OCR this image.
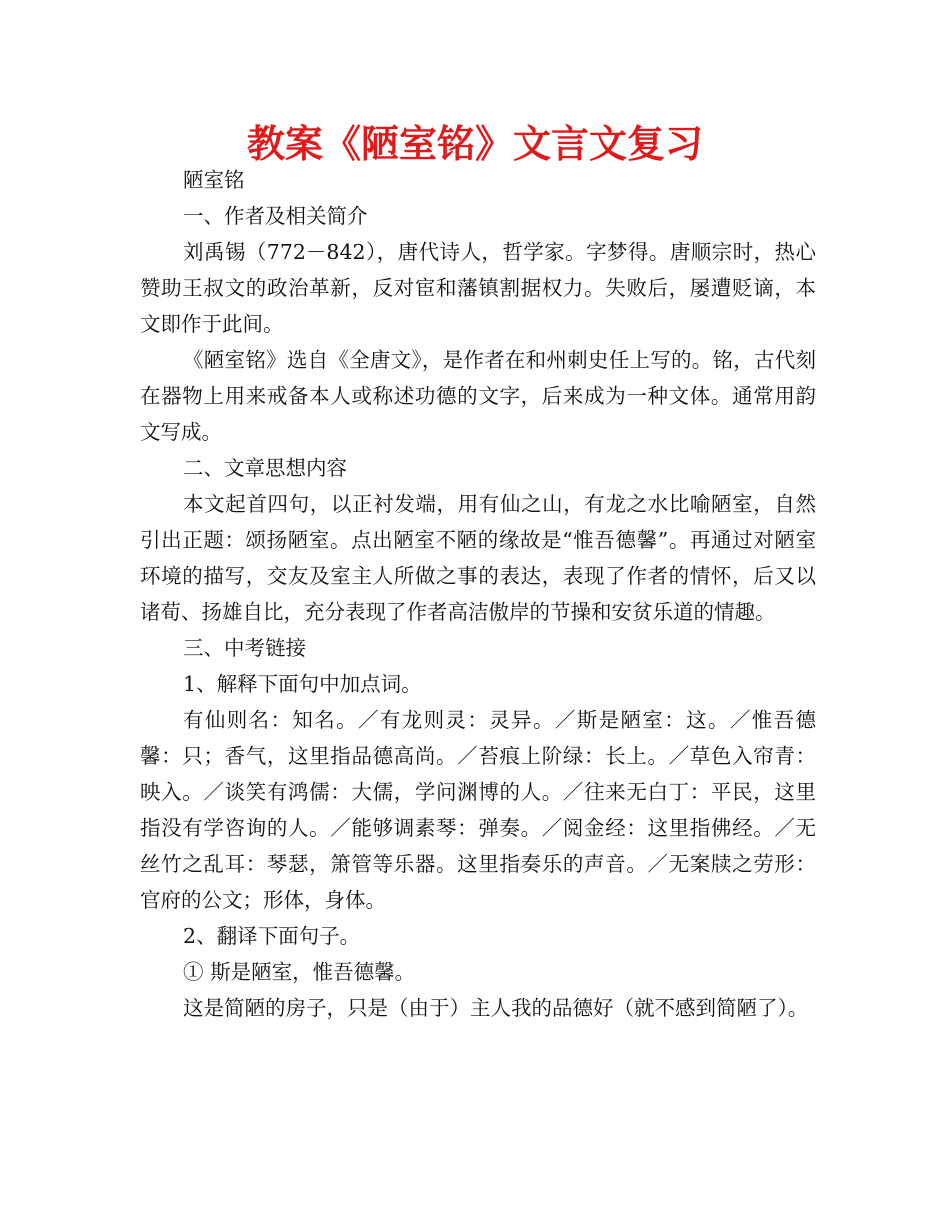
教案《陋室铭》文言文复习

陋室铭

一、作者及相关简介

刘禹锡（772－842），唐代诗人，哲学家。字梦得。唐顺宗时，热心赞助王叔文的政治革新，反对宦和藩镇割据权力。失败后，屡遭贬谪，本文即作于此间。

《陋室铭》选自《全唐文》，是作者在和州刺史任上写的。铭，古代刻在器物上用来戒备本人或称述功德的文字，后来成为一种文体。通常用韵文写成。

二、文章思想内容

本文起首四句，以正衬发端，用有仙之山，有龙之水比喻陋室，自然引出正题：颂扬陋室。点出陋室不陋的缘故是“惟吾德馨”。再通过对陋室环境的描写，交友及室主人所做之事的表达，表现了作者的情怀，后又以诸荀、扬雄自比，充分表现了作者高洁傲岸的节操和安贫乐道的情趣。

三、中考链接

1、解释下面句中加点词。

有仙则名：知名。／有龙则灵：灵异。／斯是陋室：这。／惟吾德馨：只；香气，这里指品德高尚。／苔痕上阶绿：长上。／草色入帘青：映入。／谈笑有鸿儒：大儒，学问渊博的人。／往来无白丁：平民，这里指没有学咨询的人。／能够调素琴：弹奏。／阅金经：这里指佛经。／无丝竹之乱耳：琴瑟，箫管等乐器。这里指奏乐的声音。／无案牍之劳形：官府的公文；形体，身体。

2、翻译下面句子。

① 斯是陋室，惟吾德馨。

这是简陋的房子，只是（由于）主人我的品德好（就不感到简陋了）。
